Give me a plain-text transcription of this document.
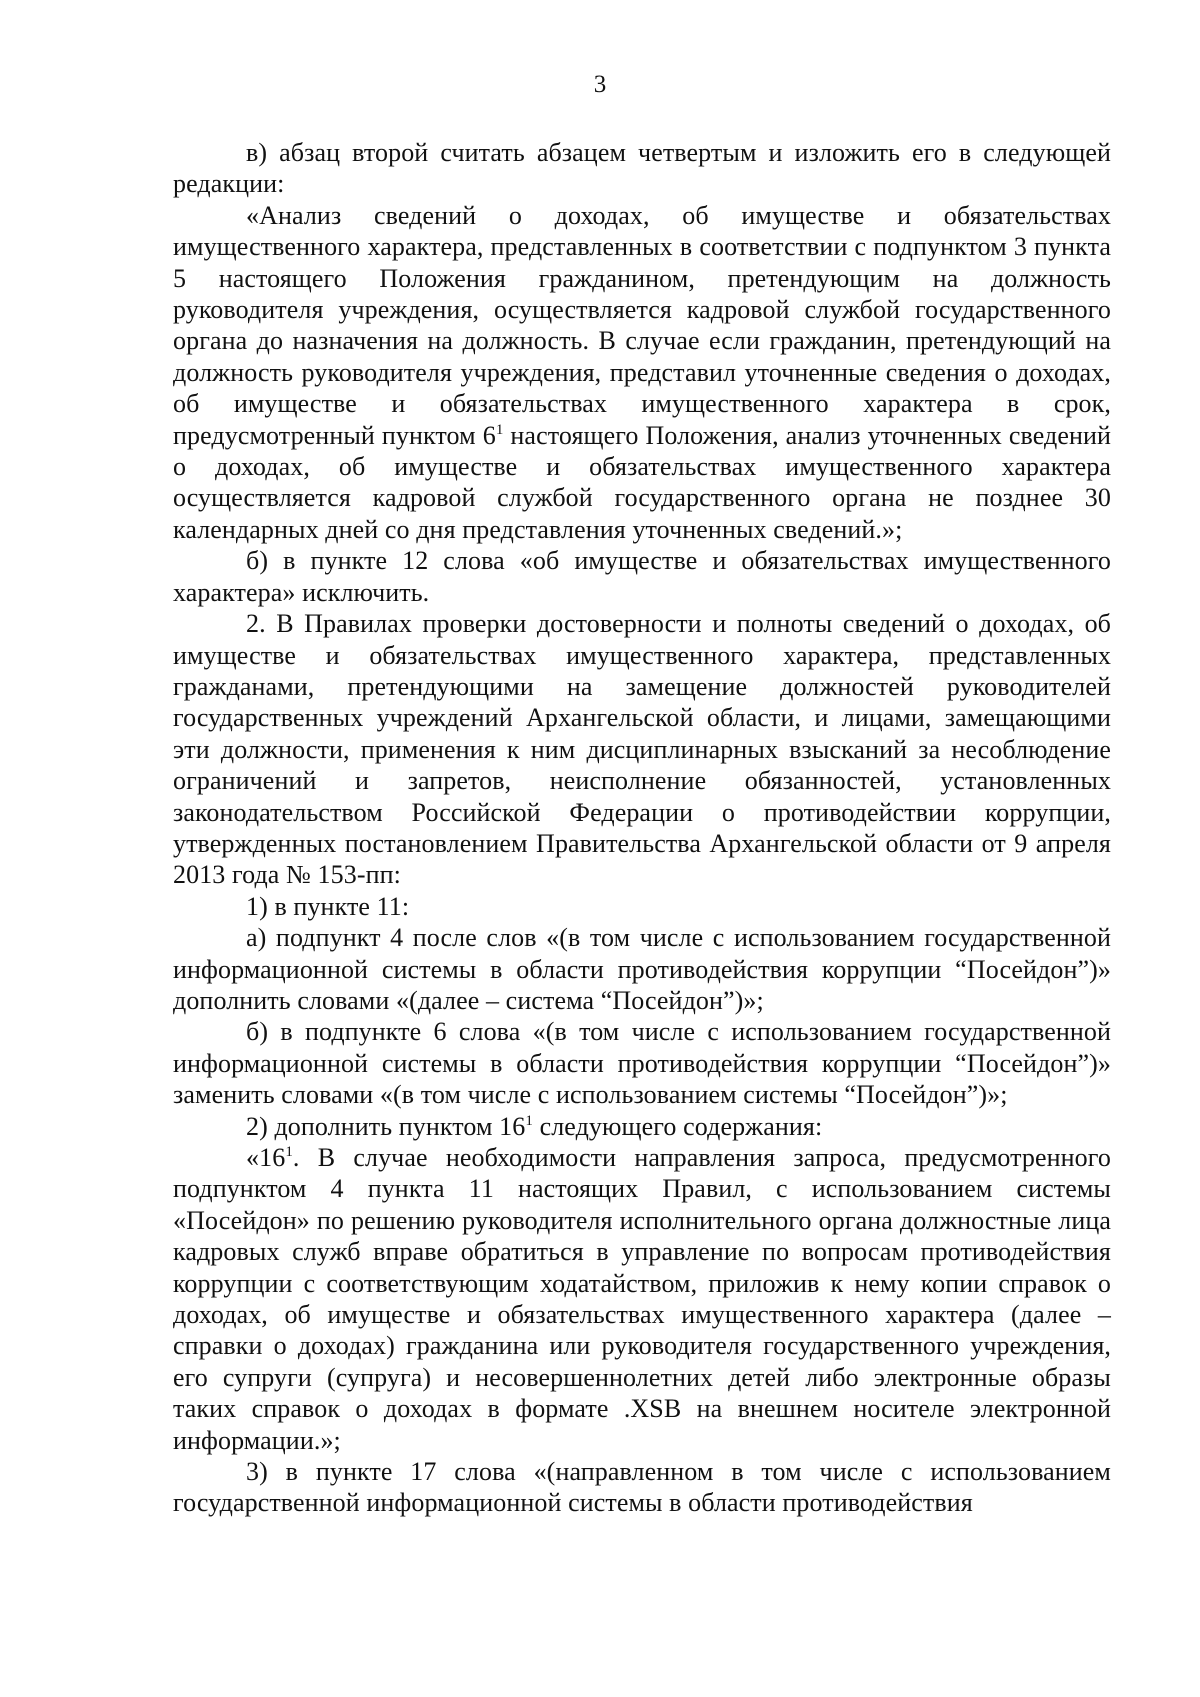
3

в) абзац второй считать абзацем четвертым и изложить его в следующей редакции:

«Анализ сведений о доходах, об имуществе и обязательствах имущественного характера, представленных в соответствии с подпунктом 3 пункта 5 настоящего Положения гражданином, претендующим на должность руководителя учреждения, осуществляется кадровой службой государственного органа до назначения на должность. В случае если гражданин, претендующий на должность руководителя учреждения, представил уточненные сведения о доходах, об имуществе и обязательствах имущественного характера в срок, предусмотренный пунктом $6^1$ настоящего Положения, анализ уточненных сведений о доходах, об имуществе и обязательствах имущественного характера осуществляется кадровой службой государственного органа не позднее 30 календарных дней со дня представления уточненных сведений.»;

б) в пункте 12 слова «об имуществе и обязательствах имущественного характера» исключить.

2. В Правилах проверки достоверности и полноты сведений о доходах, об имуществе и обязательствах имущественного характера, представленных гражданами, претендующими на замещение должностей руководителей государственных учреждений Архангельской области, и лицами, замещающими эти должности, применения к ним дисциплинарных взысканий за несоблюдение ограничений и запретов, неисполнение обязанностей, установленных законодательством Российской Федерации о противодействии коррупции, утвержденных постановлением Правительства Архангельской области от 9 апреля 2013 года № 153-пп:

1) в пункте 11:

а) подпункт 4 после слов «(в том числе с использованием государственной информационной системы в области противодействия коррупции “Посейдон”)» дополнить словами «(далее – система “Посейдон”)»;

б) в подпункте 6 слова «(в том числе с использованием государственной информационной системы в области противодействия коррупции “Посейдон”)» заменить словами «(в том числе с использованием системы “Посейдон”)»;

2) дополнить пунктом $16^1$ следующего содержания:

«$16^1$. В случае необходимости направления запроса, предусмотренного подпунктом 4 пункта 11 настоящих Правил, с использованием системы «Посейдон» по решению руководителя исполнительного органа должностные лица кадровых служб вправе обратиться в управление по вопросам противодействия коррупции с соответствующим ходатайством, приложив к нему копии справок о доходах, об имуществе и обязательствах имущественного характера (далее – справки о доходах) гражданина или руководителя государственного учреждения, его супруги (супруга) и несовершеннолетних детей либо электронные образы таких справок о доходах в формате .XSB на внешнем носителе электронной информации.»;

3) в пункте 17 слова «(направленном в том числе с использованием государственной информационной системы в области противодействия
